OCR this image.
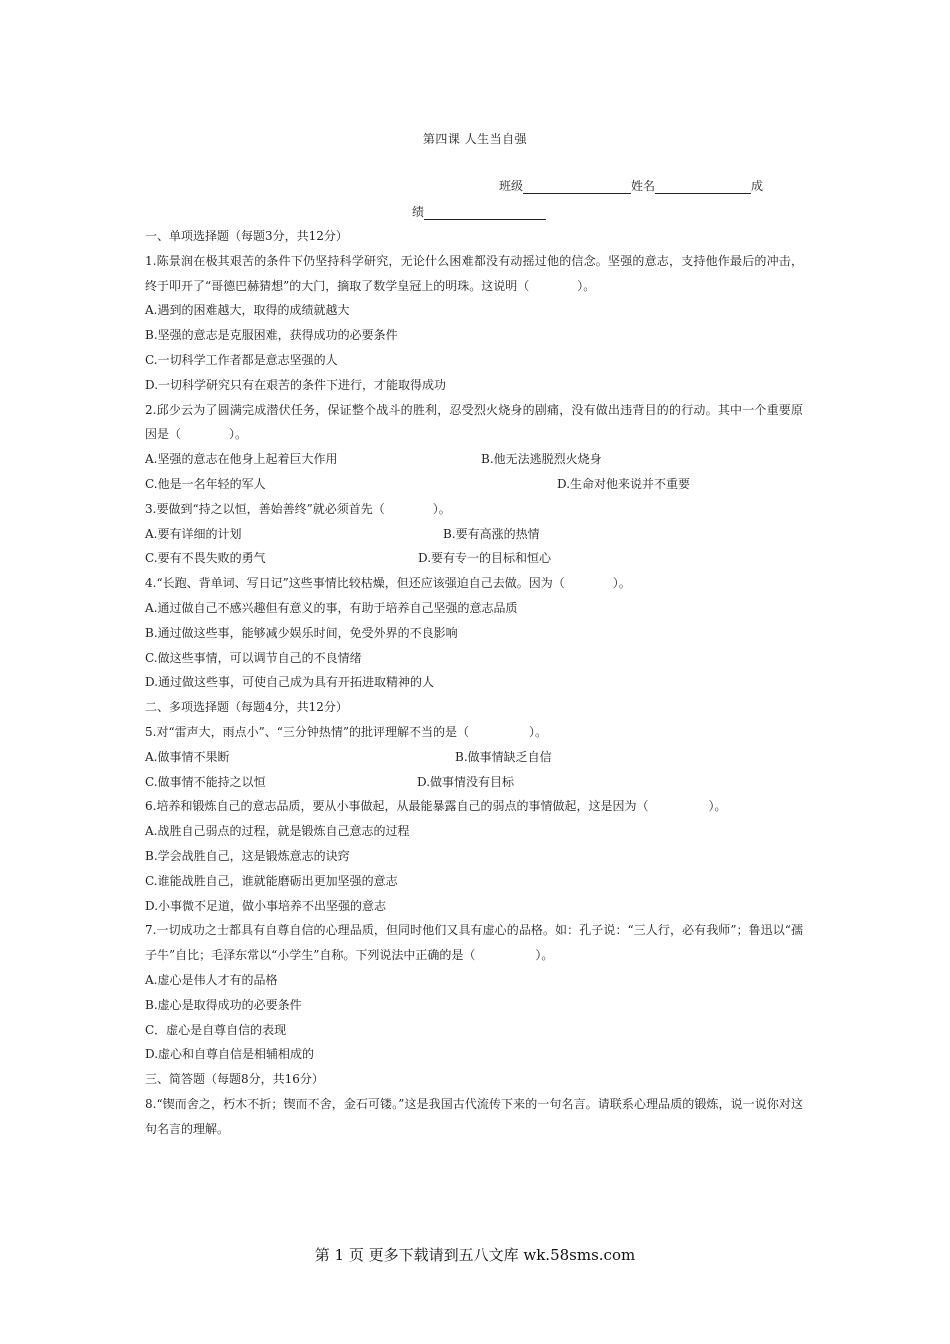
第四课 人生当自强
班级	姓名	成
绩
一、单项选择题（每题3分，共12分）
1.陈景润在极其艰苦的条件下仍坚持科学研究，无论什么困难都没有动摇过他的信念。坚强的意志，支持他作最后的冲击，终于叩开了“哥德巴赫猜想”的大门，摘取了数学皇冠上的明珠。这说明（　　　　）。
A.遇到的困难越大，取得的成绩就越大
B.坚强的意志是克服困难，获得成功的必要条件
C.一切科学工作者都是意志坚强的人
D.一切科学研究只有在艰苦的条件下进行，才能取得成功
2.邱少云为了圆满完成潜伏任务，保证整个战斗的胜利，忍受烈火烧身的剧痛，没有做出违背目的的行动。其中一个重要原因是（　　　　）。
A.坚强的意志在他身上起着巨大作用	B.他无法逃脱烈火烧身
C.他是一名年轻的军人	D.生命对他来说并不重要
3.要做到“持之以恒，善始善终”就必须首先（　　　　）。
A.要有详细的计划	B.要有高涨的热情
C.要有不畏失败的勇气	D.要有专一的目标和恒心
4.“长跑、背单词、写日记”这些事情比较枯燥，但还应该强迫自己去做。因为（　　　　）。
A.通过做自己不感兴趣但有意义的事，有助于培养自己坚强的意志品质
B.通过做这些事，能够减少娱乐时间，免受外界的不良影响
C.做这些事情，可以调节自己的不良情绪
D.通过做这些事，可使自己成为具有开拓进取精神的人
二、多项选择题（每题4分，共12分）
5.对“雷声大，雨点小”、“三分钟热情”的批评理解不当的是（　　　　　）。
A.做事情不果断	B.做事情缺乏自信
C.做事情不能持之以恒	D.做事情没有目标
6.培养和锻炼自己的意志品质，要从小事做起，从最能暴露自己的弱点的事情做起，这是因为（　　　　　）。
A.战胜自己弱点的过程，就是锻炼自己意志的过程
B.学会战胜自己，这是锻炼意志的诀窍
C.谁能战胜自己，谁就能磨砺出更加坚强的意志
D.小事微不足道，做小事培养不出坚强的意志
7.一切成功之士都具有自尊自信的心理品质，但同时他们又具有虚心的品格。如：孔子说：“三人行，必有我师”；鲁迅以“孺子牛”自比；毛泽东常以“小学生”自称。下列说法中正确的是（　　　　　）。
A.虚心是伟人才有的品格
B.虚心是取得成功的必要条件
C．虚心是自尊自信的表现
D.虚心和自尊自信是相辅相成的
三、简答题（每题8分，共16分）
8.“锲而舍之，朽木不折；锲而不舍，金石可镂。”这是我国古代流传下来的一句名言。请联系心理品质的锻炼，说一说你对这句名言的理解。
第 1 页 更多下载请到五八文库 wk.58sms.com
